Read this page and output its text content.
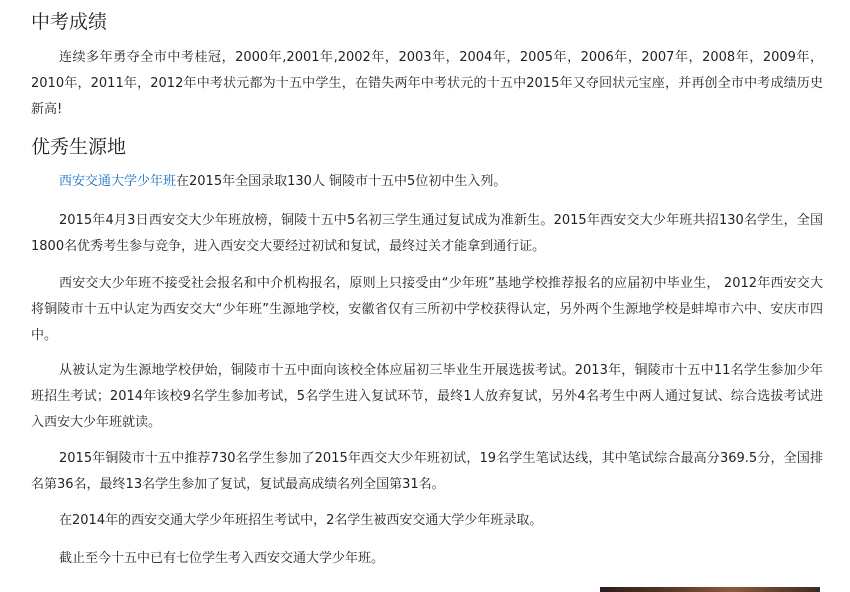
中考成绩

连续多年勇夺全市中考桂冠，2000年,2001年,2002年，2003年，2004年，2005年，2006年，2007年，2008年，2009年，2010年，2011年，2012年中考状元都为十五中学生，在错失两年中考状元的十五中2015年又夺回状元宝座，并再创全市中考成绩历史新高!

优秀生源地

西安交通大学少年班在2015年全国录取130人 铜陵市十五中5位初中生入列。

2015年4月3日西安交大少年班放榜，铜陵十五中5名初三学生通过复试成为准新生。2015年西安交大少年班共招130名学生，全国1800名优秀考生参与竞争，进入西安交大要经过初试和复试，最终过关才能拿到通行证。

西安交大少年班不接受社会报名和中介机构报名，原则上只接受由“少年班”基地学校推荐报名的应届初中毕业生， 2012年西安交大将铜陵市十五中认定为西安交大“少年班”生源地学校，安徽省仅有三所初中学校获得认定，另外两个生源地学校是蚌埠市六中、安庆市四中。

从被认定为生源地学校伊始，铜陵市十五中面向该校全体应届初三毕业生开展选拔考试。2013年，铜陵市十五中11名学生参加少年班招生考试；2014年该校9名学生参加考试，5名学生进入复试环节，最终1人放弃复试，另外4名考生中两人通过复试、综合选拔考试进入西安大少年班就读。

2015年铜陵市十五中推荐730名学生参加了2015年西交大少年班初试，19名学生笔试达线，其中笔试综合最高分369.5分，全国排名第36名，最终13名学生参加了复试，复试最高成绩名列全国第31名。

在2014年的西安交通大学少年班招生考试中，2名学生被西安交通大学少年班录取。

截止至今十五中已有七位学生考入西安交通大学少年班。
